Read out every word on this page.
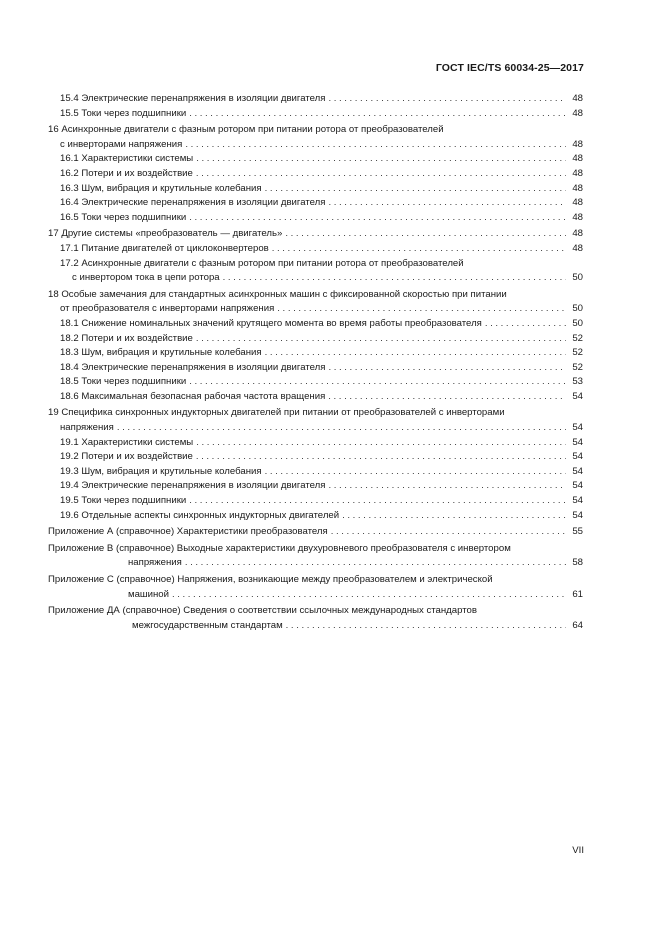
ГОСТ IEC/TS 60034-25—2017
15.4 Электрические перенапряжения в изоляции двигателя .....	48
15.5 Токи через подшипники .....	48
16 Асинхронные двигатели с фазным ротором при питании ротора от преобразователей
с инверторами напряжения .....	48
16.1 Характеристики системы .....	48
16.2 Потери и их воздействие .....	48
16.3 Шум, вибрация и крутильные колебания .....	48
16.4 Электрические перенапряжения в изоляции двигателя .....	48
16.5 Токи через подшипники .....	48
17 Другие системы «преобразователь — двигатель» .....	48
17.1 Питание двигателей от циклоконвертеров .....	48
17.2 Асинхронные двигатели с фазным ротором при питании ротора от преобразователей
с инвертором тока в цепи ротора .....	50
18 Особые замечания для стандартных асинхронных машин с фиксированной скоростью при питании
от преобразователя с инверторами напряжения .....	50
18.1 Снижение номинальных значений крутящего момента во время работы преобразователя .....	50
18.2 Потери и их воздействие .....	52
18.3 Шум, вибрация и крутильные колебания .....	52
18.4 Электрические перенапряжения в изоляции двигателя .....	52
18.5 Токи через подшипники .....	53
18.6 Максимальная безопасная рабочая частота вращения .....	54
19 Специфика синхронных индукторных двигателей при питании от преобразователей с инверторами
напряжения .....	54
19.1 Характеристики системы .....	54
19.2 Потери и их воздействие .....	54
19.3 Шум, вибрация и крутильные колебания .....	54
19.4 Электрические перенапряжения в изоляции двигателя .....	54
19.5 Токи через подшипники .....	54
19.6 Отдельные аспекты синхронных индукторных двигателей .....	54
Приложение А (справочное) Характеристики преобразователя .....	55
Приложение В (справочное) Выходные характеристики двухуровневого преобразователя с инвертором
напряжения .....	58
Приложение С (справочное) Напряжения, возникающие между преобразователем и электрической
машиной .....	61
Приложение ДА (справочное) Сведения о соответствии ссылочных международных стандартов
межгосударственным стандартам .....	64
VII
